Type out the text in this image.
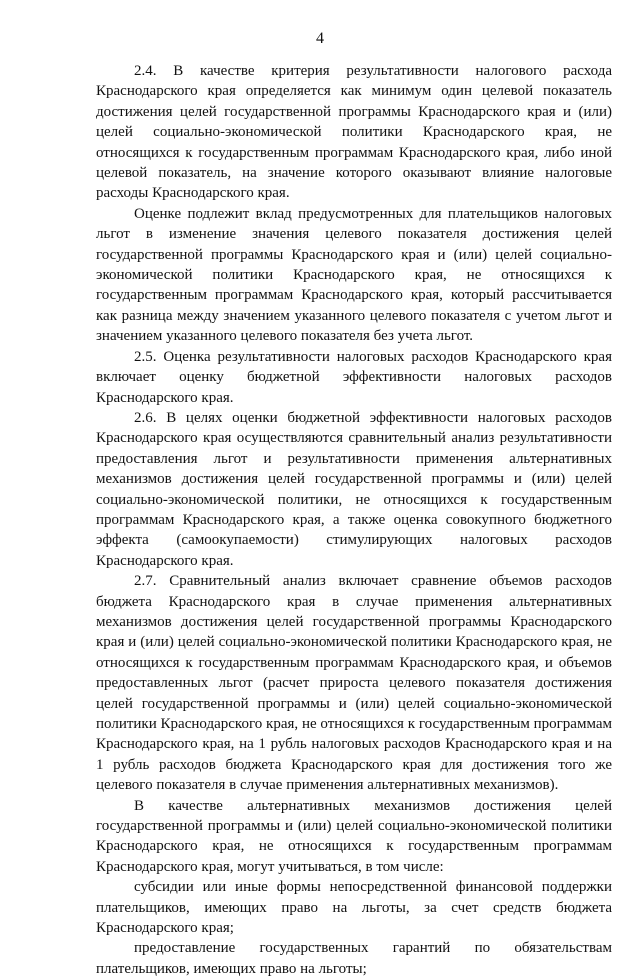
4

2.4. В качестве критерия результативности налогового расхода Краснодарского края определяется как минимум один целевой показатель достижения целей государственной программы Краснодарского края и (или) целей социально-экономической политики Краснодарского края, не относящихся к государственным программам Краснодарского края, либо иной целевой показатель, на значение которого оказывают влияние налоговые расходы Краснодарского края.

Оценке подлежит вклад предусмотренных для плательщиков налоговых льгот в изменение значения целевого показателя достижения целей государственной программы Краснодарского края и (или) целей социально-экономической политики Краснодарского края, не относящихся к государственным программам Краснодарского края, который рассчитывается как разница между значением указанного целевого показателя с учетом льгот и значением указанного целевого показателя без учета льгот.

2.5. Оценка результативности налоговых расходов Краснодарского края включает оценку бюджетной эффективности налоговых расходов Краснодарского края.

2.6. В целях оценки бюджетной эффективности налоговых расходов Краснодарского края осуществляются сравнительный анализ результативности предоставления льгот и результативности применения альтернативных механизмов достижения целей государственной программы и (или) целей социально-экономической политики, не относящихся к государственным программам Краснодарского края, а также оценка совокупного бюджетного эффекта (самоокупаемости) стимулирующих налоговых расходов Краснодарского края.

2.7. Сравнительный анализ включает сравнение объемов расходов бюджета Краснодарского края в случае применения альтернативных механизмов достижения целей государственной программы Краснодарского края и (или) целей социально-экономической политики Краснодарского края, не относящихся к государственным программам Краснодарского края, и объемов предоставленных льгот (расчет прироста целевого показателя достижения целей государственной программы и (или) целей социально-экономической политики Краснодарского края, не относящихся к государственным программам Краснодарского края, на 1 рубль налоговых расходов Краснодарского края и на 1 рубль расходов бюджета Краснодарского края для достижения того же целевого показателя в случае применения альтернативных механизмов).

В качестве альтернативных механизмов достижения целей государственной программы и (или) целей социально-экономической политики Краснодарского края, не относящихся к государственным программам Краснодарского края, могут учитываться, в том числе:

субсидии или иные формы непосредственной финансовой поддержки плательщиков, имеющих право на льготы, за счет средств бюджета Краснодарского края;

предоставление государственных гарантий по обязательствам плательщиков, имеющих право на льготы;
